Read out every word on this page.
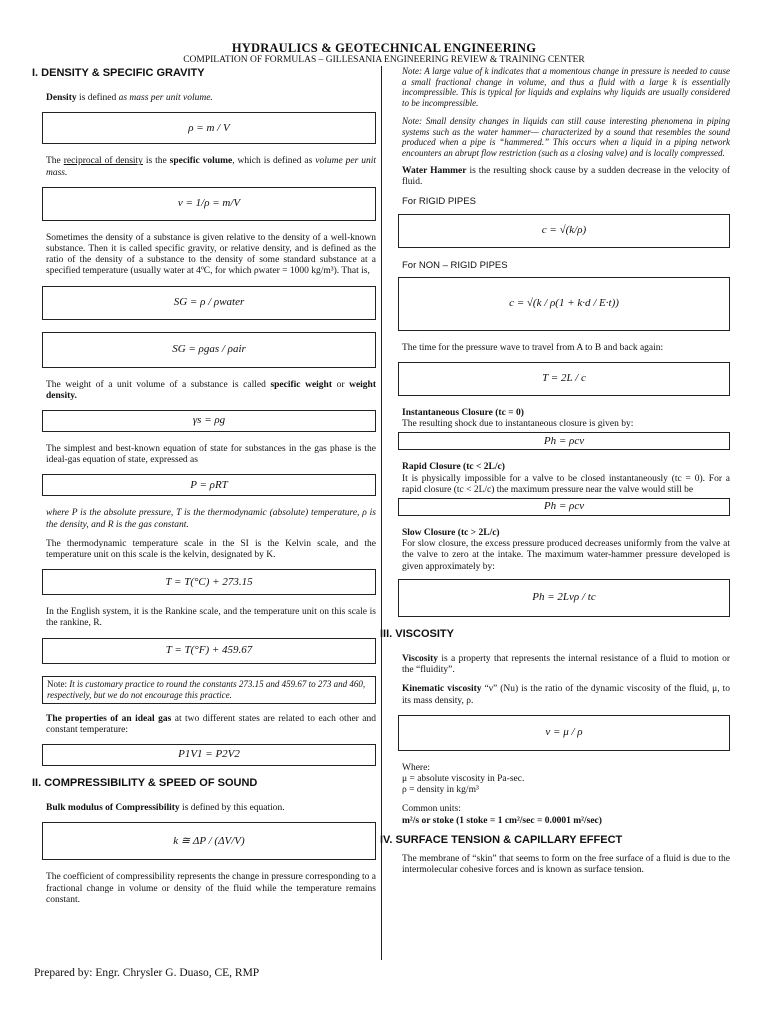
HYDRAULICS & GEOTECHNICAL ENGINEERING
COMPILATION OF FORMULAS – GILLESANIA ENGINEERING REVIEW & TRAINING CENTER
I. DENSITY & SPECIFIC GRAVITY
Density is defined as mass per unit volume.
ρ = m / V
The reciprocal of density is the specific volume, which is defined as volume per unit mass.
ν = 1/ρ = m/V
Sometimes the density of a substance is given relative to the density of a well-known substance. Then it is called specific gravity, or relative density, and is defined as the ratio of the density of a substance to the density of some standard substance at a specified temperature (usually water at 4ºC, for which ρwater = 1000 kg/m³). That is,
SG = ρ / ρwater
SG = ρgas / ρair
The weight of a unit volume of a substance is called specific weight or weight density.
γs = ρg
The simplest and best-known equation of state for substances in the gas phase is the ideal-gas equation of state, expressed as
P = ρRT
where P is the absolute pressure, T is the thermodynamic (absolute) temperature, ρ is the density, and R is the gas constant.
The thermodynamic temperature scale in the SI is the Kelvin scale, and the temperature unit on this scale is the kelvin, designated by K.
T = T(°C) + 273.15
In the English system, it is the Rankine scale, and the temperature unit on this scale is the rankine, R.
T = T(°F) + 459.67
Note: It is customary practice to round the constants 273.15 and 459.67 to 273 and 460, respectively, but we do not encourage this practice.
The properties of an ideal gas at two different states are related to each other and constant temperature:
P1V1 = P2V2
II. COMPRESSIBILITY & SPEED OF SOUND
Bulk modulus of Compressibility is defined by this equation.
k ≅ ΔP / (ΔV/V)
The coefficient of compressibility represents the change in pressure corresponding to a fractional change in volume or density of the fluid while the temperature remains constant.
Note: A large value of k indicates that a momentous change in pressure is needed to cause a small fractional change in volume, and thus a fluid with a large k is essentially incompressible. This is typical for liquids and explains why liquids are usually considered to be incompressible.
Note: Small density changes in liquids can still cause interesting phenomena in piping systems such as the water hammer— characterized by a sound that resembles the sound produced when a pipe is “hammered.” This occurs when a liquid in a piping network encounters an abrupt flow restriction (such as a closing valve) and is locally compressed.
Water Hammer is the resulting shock cause by a sudden decrease in the velocity of fluid.
For RIGID PIPES
c = √(k/ρ)
For NON – RIGID PIPES
c = √(k / ρ(1 + k·d / E·t))
The time for the pressure wave to travel from A to B and back again:
T = 2L / c
Instantaneous Closure (tc = 0)
The resulting shock due to instantaneous closure is given by:
Ph = ρcv
Rapid Closure (tc < 2L/c)
It is physically impossible for a valve to be closed instantaneously (tc = 0). For a rapid closure (tc < 2L/c) the maximum pressure near the valve would still be
Ph = ρcv
Slow Closure (tc > 2L/c)
For slow closure, the excess pressure produced decreases uniformly from the valve at the valve to zero at the intake. The maximum water-hammer pressure developed is given approximately by:
Ph = 2Lvρ / tc
III. VISCOSITY
Viscosity is a property that represents the internal resistance of a fluid to motion or the “fluidity”.
Kinematic viscosity “ν” (Nu) is the ratio of the dynamic viscosity of the fluid, μ, to its mass density, ρ.
ν = μ / ρ
Where:
μ = absolute viscosity in Pa-sec.
ρ = density in kg/m³
Common units:
m²/s or stoke (1 stoke = 1 cm²/sec = 0.0001 m²/sec)
IV. SURFACE TENSION & CAPILLARY EFFECT
The membrane of “skin” that seems to form on the free surface of a fluid is due to the intermolecular cohesive forces and is known as surface tension.
Prepared by: Engr. Chrysler G. Duaso, CE, RMP
